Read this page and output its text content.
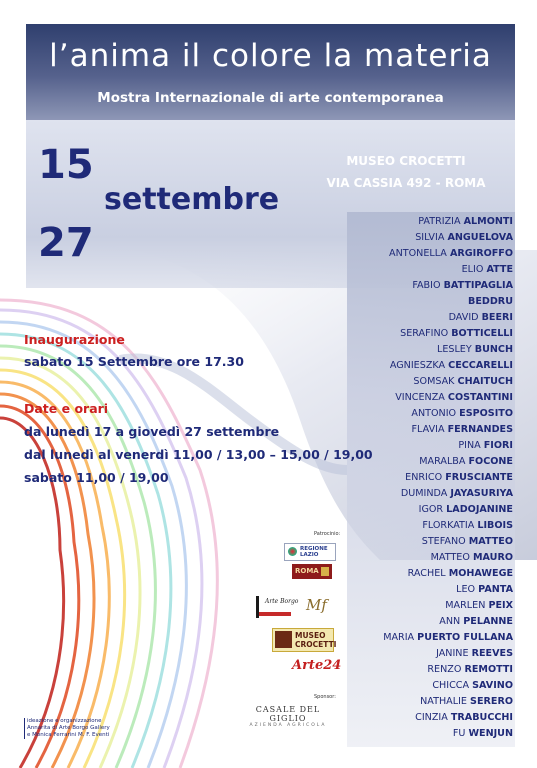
l’anima il colore la materia
Mostra Internazionale di arte contemporanea
15
settembre
27
MUSEO CROCETTI
VIA CASSIA 492 - ROMA
PATRIZIA ALMONTI
SILVIA ANGUELOVA
ANTONELLA ARGIROFFO
ELIO ATTE
FABIO BATTIPAGLIA
BEDDRU
DAVID BEERI
SERAFINO BOTTICELLI
LESLEY BUNCH
AGNIESZKA CECCARELLI
SOMSAK CHAITUCH
VINCENZA COSTANTINI
ANTONIO ESPOSITO
FLAVIA FERNANDES
PINA FIORI
MARALBA FOCONE
ENRICO FRUSCIANTE
DUMINDA JAYASURIYA
IGOR LADOJANINE
FLORKATIA LIBOIS
STEFANO MATTEO
MATTEO MAURO
RACHEL MOHAWEGE
LEO PANTA
MARLEN PEIX
ANN PELANNE
MARIA PUERTO FULLANA
JANINE REEVES
RENZO REMOTTI
CHICCA SAVINO
NATHALIE SERERO
CINZIA TRABUCCHI
FU WENJUN
Inaugurazione
sabato 15 Settembre ore 17.30
Date e orari
da lunedì 17 a giovedì 27 settembre
dal lunedì al venerdì 11,00 / 13,00 – 15,00 / 19,00
sabato 11,00 / 19,00
Patrocinio:
REGIONE LAZIO
ROMA
Arte Borgo Mf
MUSEO
CROCETTI
Arte24
Sponsor:
CASALE DEL GIGLIO
AZIENDA AGRICOLA
ideazione e organizzazione
Annarita di Arte Borgo Gallery
e Monica Ferrarini M. F. Eventi
